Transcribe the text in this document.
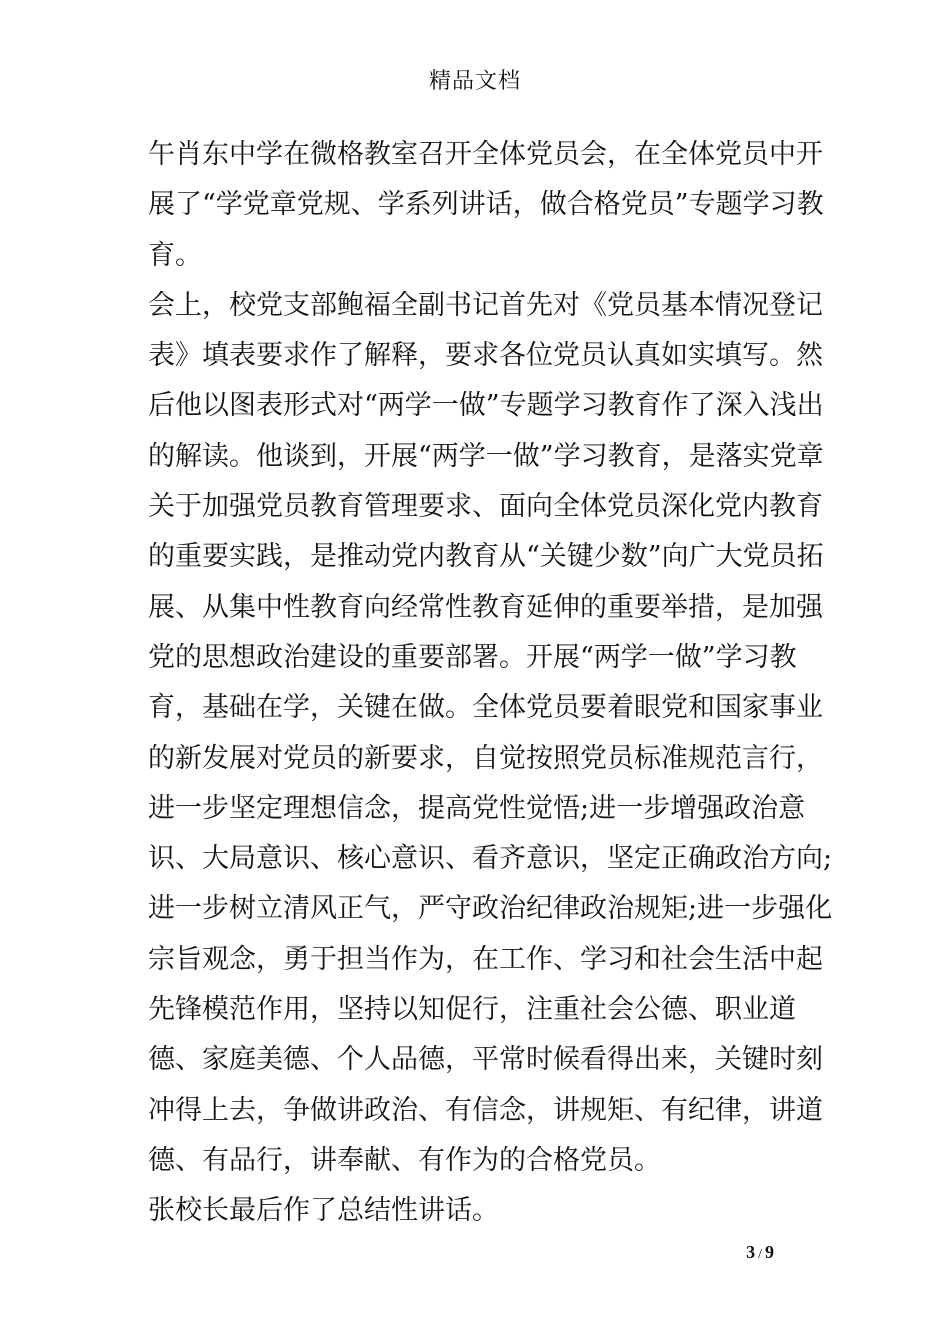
精品文档
午肖东中学在微格教室召开全体党员会，在全体党员中开
展了“学党章党规、学系列讲话，做合格党员”专题学习教
育。
会上，校党支部鲍福全副书记首先对《党员基本情况登记
表》填表要求作了解释，要求各位党员认真如实填写。然
后他以图表形式对“两学一做”专题学习教育作了深入浅出
的解读。他谈到，开展“两学一做”学习教育，是落实党章
关于加强党员教育管理要求、面向全体党员深化党内教育
的重要实践，是推动党内教育从“关键少数”向广大党员拓
展、从集中性教育向经常性教育延伸的重要举措，是加强
党的思想政治建设的重要部署。开展“两学一做”学习教
育，基础在学，关键在做。全体党员要着眼党和国家事业
的新发展对党员的新要求，自觉按照党员标准规范言行，
进一步坚定理想信念，提高党性觉悟;进一步增强政治意
识、大局意识、核心意识、看齐意识，坚定正确政治方向;
进一步树立清风正气，严守政治纪律政治规矩;进一步强化
宗旨观念，勇于担当作为，在工作、学习和社会生活中起
先锋模范作用，坚持以知促行，注重社会公德、职业道
德、家庭美德、个人品德，平常时候看得出来，关键时刻
冲得上去，争做讲政治、有信念，讲规矩、有纪律，讲道
德、有品行，讲奉献、有作为的合格党员。
张校长最后作了总结性讲话。
3 / 9
